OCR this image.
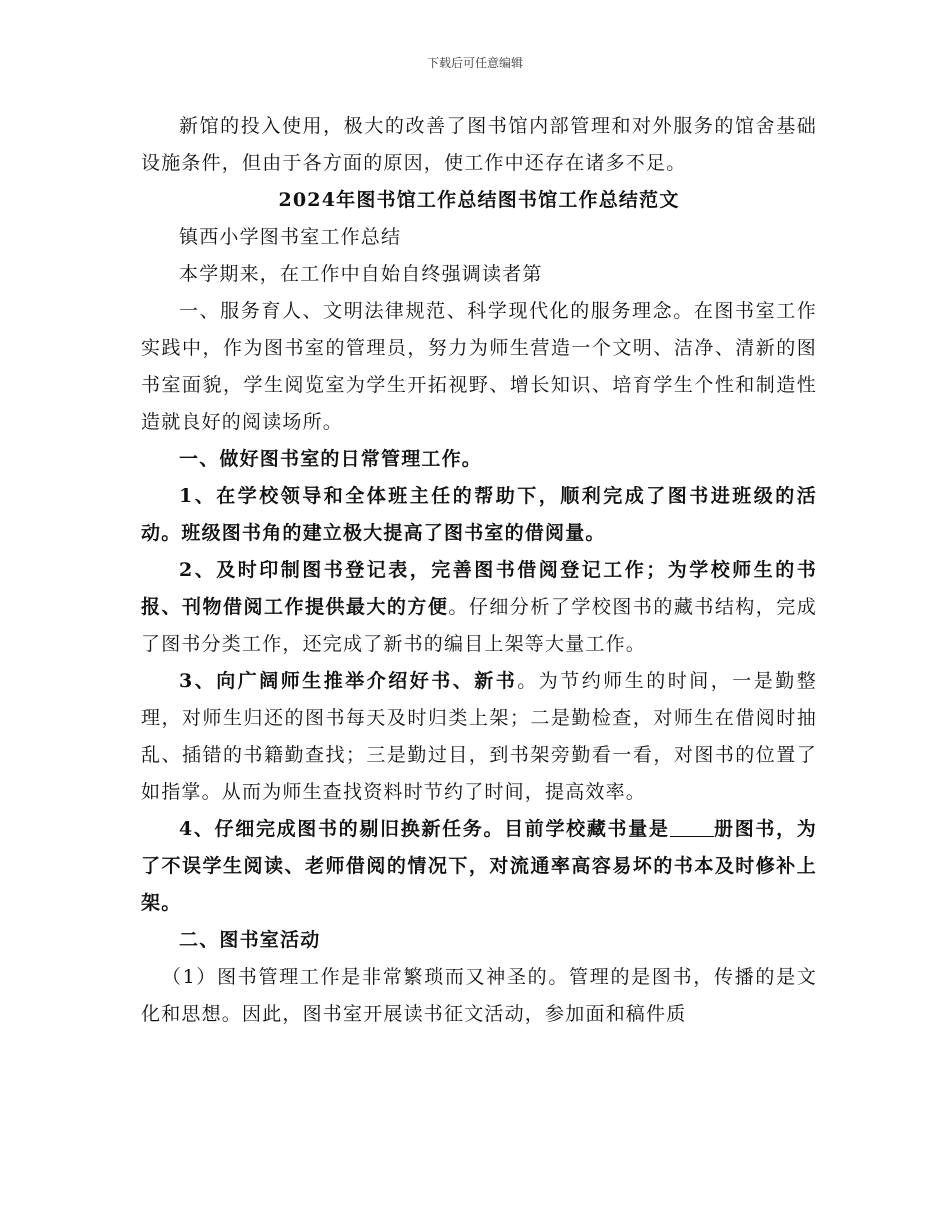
下载后可任意编辑

新馆的投入使用，极大的改善了图书馆内部管理和对外服务的馆舍基础设施条件，但由于各方面的原因，使工作中还存在诸多不足。

2024年图书馆工作总结图书馆工作总结范文

镇西小学图书室工作总结

本学期来，在工作中自始自终强调读者第

一、服务育人、文明法律规范、科学现代化的服务理念。在图书室工作实践中，作为图书室的管理员，努力为师生营造一个文明、洁净、清新的图书室面貌，学生阅览室为学生开拓视野、增长知识、培育学生个性和制造性造就良好的阅读场所。

一、做好图书室的日常管理工作。

1、在学校领导和全体班主任的帮助下，顺利完成了图书进班级的活动。班级图书角的建立极大提高了图书室的借阅量。

2、及时印制图书登记表，完善图书借阅登记工作；为学校师生的书报、刊物借阅工作提供最大的方便。仔细分析了学校图书的藏书结构，完成了图书分类工作，还完成了新书的编目上架等大量工作。

3、向广阔师生推举介绍好书、新书。为节约师生的时间，一是勤整理，对师生归还的图书每天及时归类上架；二是勤检查，对师生在借阅时抽乱、插错的书籍勤查找；三是勤过目，到书架旁勤看一看，对图书的位置了如指掌。从而为师生查找资料时节约了时间，提高效率。

4、仔细完成图书的剔旧换新任务。目前学校藏书量是 册图书，为了不误学生阅读、老师借阅的情况下，对流通率高容易坏的书本及时修补上架。

二、图书室活动

（1）图书管理工作是非常繁琐而又神圣的。管理的是图书，传播的是文化和思想。因此，图书室开展读书征文活动，参加面和稿件质
